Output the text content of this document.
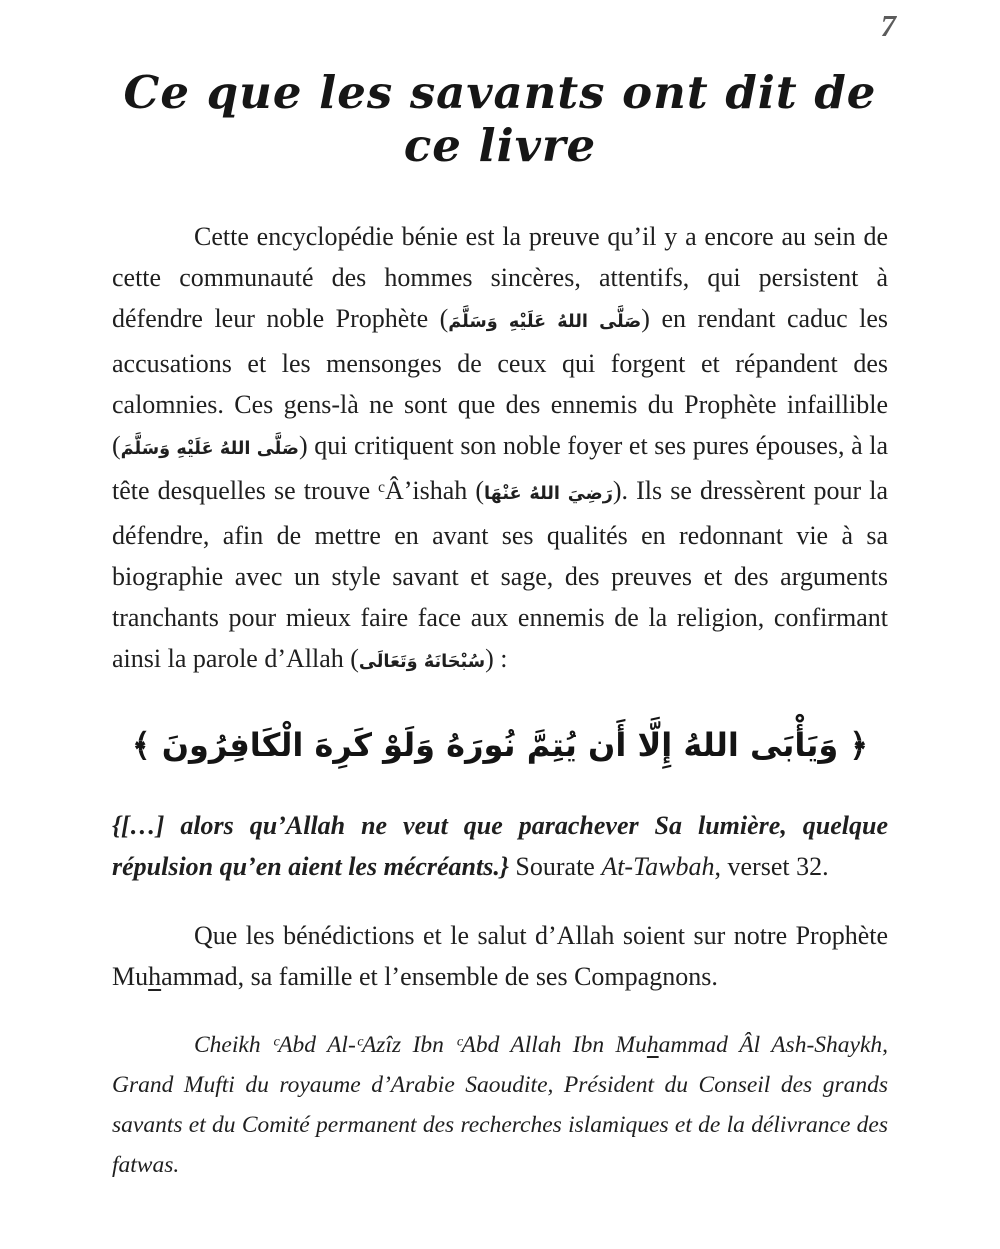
7
Ce que les savants ont dit de ce livre

Cette encyclopédie bénie est la preuve qu’il y a encore au sein de cette communauté des hommes sincères, attentifs, qui persistent à défendre leur noble Prophète (صَلَّى اللهُ عَلَيْهِ وَسَلَّمَ) en rendant caduc les accusations et les mensonges de ceux qui forgent et répandent des calomnies. Ces gens-là ne sont que des ennemis du Prophète infaillible (صَلَّى اللهُ عَلَيْهِ وَسَلَّمَ) qui critiquent son noble foyer et ses pures épouses, à la tête desquelles se trouve ᶜÂ’ishah (رَضِيَ اللهُ عَنْهَا). Ils se dressèrent pour la défendre, afin de mettre en avant ses qualités en redonnant vie à sa biographie avec un style savant et sage, des preuves et des arguments tranchants pour mieux faire face aux ennemis de la religion, confirmant ainsi la parole d’Allah (سُبْحَانَهُ وَتَعَالَى) :

﴿ وَيَأْبَى اللهُ إِلَّا أَن يُتِمَّ نُورَهُ وَلَوْ كَرِهَ الْكَافِرُونَ ﴾

{[…] alors qu’Allah ne veut que parachever Sa lumière, quelque répulsion qu’en aient les mécréants.} Sourate At-Tawbah, verset 32.

Que les bénédictions et le salut d’Allah soient sur notre Prophète Muhammad, sa famille et l’ensemble de ses Compagnons.

Cheikh ᶜAbd Al-ᶜAzîz Ibn ᶜAbd Allah Ibn Muhammad Âl Ash-Shaykh, Grand Mufti du royaume d’Arabie Saoudite, Président du Conseil des grands savants et du Comité permanent des recherches islamiques et de la délivrance des fatwas.
